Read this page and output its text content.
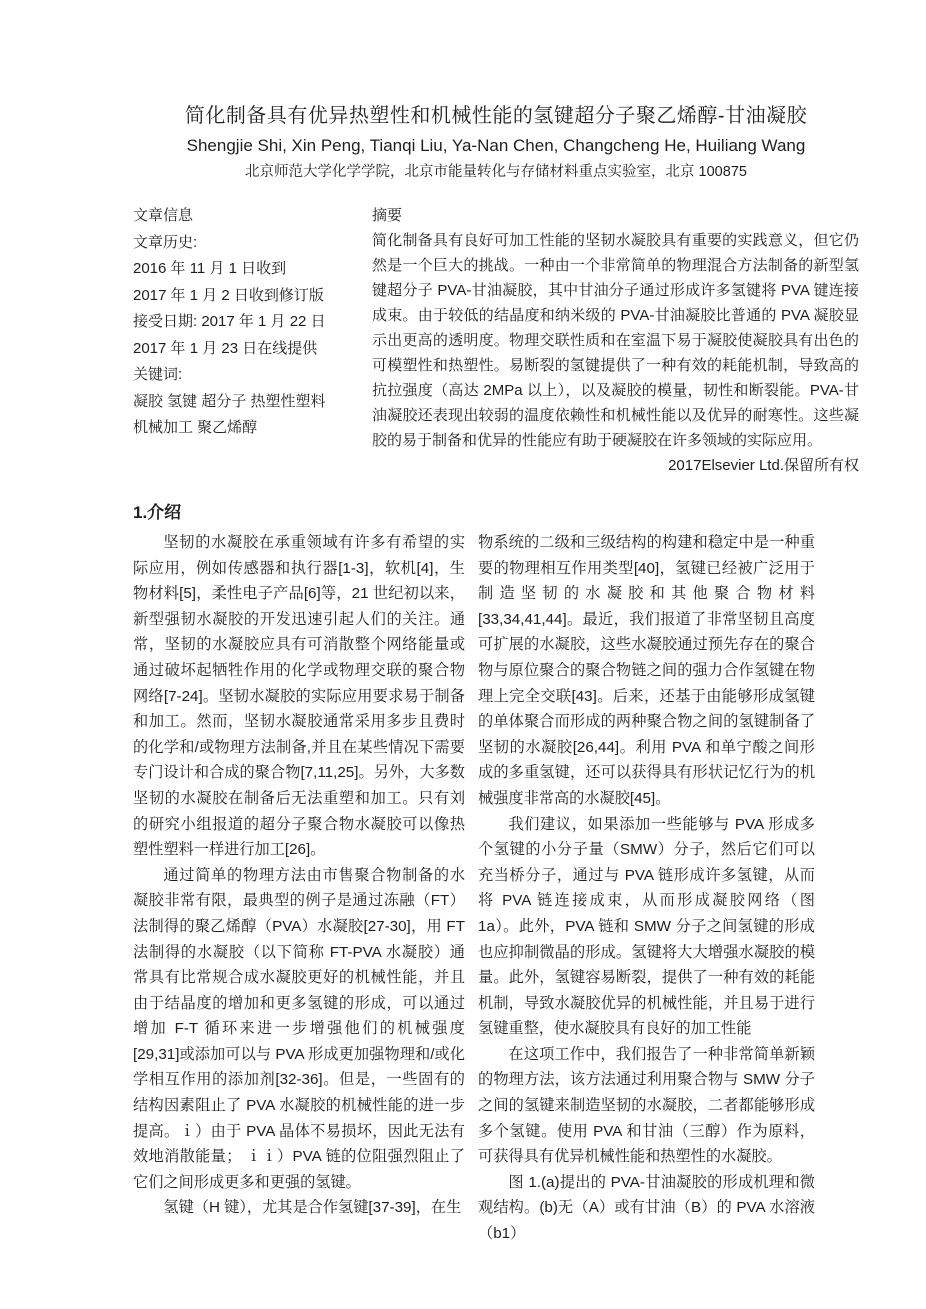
简化制备具有优异热塑性和机械性能的氢键超分子聚乙烯醇-甘油凝胶
Shengjie Shi, Xin Peng, Tianqi Liu, Ya-Nan Chen, Changcheng He, Huiliang Wang
北京师范大学化学学院，北京市能量转化与存储材料重点实验室，北京 100875
文章信息
文章历史:
2016 年 11 月 1 日收到
2017 年 1 月 2 日收到修订版
接受日期: 2017 年 1 月 22 日
2017 年 1 月 23 日在线提供
关键词:
凝胶 氢键 超分子 热塑性塑料
机械加工 聚乙烯醇
摘要

简化制备具有良好可加工性能的坚韧水凝胶具有重要的实践意义，但它仍然是一个巨大的挑战。一种由一个非常简单的物理混合方法制备的新型氢键超分子 PVA-甘油凝胶，其中甘油分子通过形成许多氢键将 PVA 键连接成束。由于较低的结晶度和纳米级的 PVA-甘油凝胶比普通的 PVA 凝胶显示出更高的透明度。物理交联性质和在室温下易于凝胶使凝胶具有出色的可模塑性和热塑性。易断裂的氢键提供了一种有效的耗能机制，导致高的抗拉强度（高达 2MPa 以上），以及凝胶的模量，韧性和断裂能。PVA-甘油凝胶还表现出较弱的温度依赖性和机械性能以及优异的耐寒性。这些凝胶的易于制备和优异的性能应有助于硬凝胶在许多领域的实际应用。

2017Elsevier Ltd.保留所有权
1.介绍

坚韧的水凝胶在承重领域有许多有希望的实际应用，例如传感器和执行器[1-3]，软机[4]，生物材料[5]，柔性电子产品[6]等，21 世纪初以来，新型强韧水凝胶的开发迅速引起人们的关注。通常，坚韧的水凝胶应具有可消散整个网络能量或通过破坏起牺牲作用的化学或物理交联的聚合物网络[7-24]。坚韧水凝胶的实际应用要求易于制备和加工。然而，坚韧水凝胶通常采用多步且费时的化学和/或物理方法制备,并且在某些情况下需要专门设计和合成的聚合物[7,11,25]。另外，大多数坚韧的水凝胶在制备后无法重塑和加工。只有刘的研究小组报道的超分子聚合物水凝胶可以像热塑性塑料一样进行加工[26]。

通过简单的物理方法由市售聚合物制备的水凝胶非常有限，最典型的例子是通过冻融（FT）法制得的聚乙烯醇（PVA）水凝胶[27-30]，用 FT 法制得的水凝胶（以下简称 FT-PVA 水凝胶）通常具有比常规合成水凝胶更好的机械性能，并且由于结晶度的增加和更多氢键的形成，可以通过增加 F-T 循环来进一步增强他们的机械强度[29,31]或添加可以与 PVA 形成更加强物理和/或化学相互作用的添加剂[32-36]。但是，一些固有的结构因素阻止了 PVA 水凝胶的机械性能的进一步提高。ｉ）由于 PVA 晶体不易损坏，因此无法有效地消散能量； ｉｉ）PVA 链的位阻强烈阻止了它们之间形成更多和更强的氢键。

氢键（H 键），尤其是合作氢键[37-39]，在生

物系统的二级和三级结构的构建和稳定中是一种重要的物理相互作用类型[40]，氢键已经被广泛用于制造坚韧的水凝胶和其他聚合物材料[33,34,41,44]。最近，我们报道了非常坚韧且高度可扩展的水凝胶，这些水凝胶通过预先存在的聚合物与原位聚合的聚合物链之间的强力合作氢键在物理上完全交联[43]。后来，还基于由能够形成氢键的单体聚合而形成的两种聚合物之间的氢键制备了坚韧的水凝胶[26,44]。利用 PVA 和单宁酸之间形成的多重氢键，还可以获得具有形状记忆行为的机械强度非常高的水凝胶[45]。

我们建议，如果添加一些能够与 PVA 形成多个氢键的小分子量（SMW）分子，然后它们可以充当桥分子，通过与 PVA 链形成许多氢键，从而将 PVA 链连接成束，从而形成凝胶网络（图 1a）。此外，PVA 链和 SMW 分子之间氢键的形成也应抑制微晶的形成。氢键将大大增强水凝胶的模量。此外，氢键容易断裂，提供了一种有效的耗能机制，导致水凝胶优异的机械性能，并且易于进行氢键重整，使水凝胶具有良好的加工性能

在这项工作中，我们报告了一种非常简单新颖的物理方法，该方法通过利用聚合物与 SMW 分子之间的氢键来制造坚韧的水凝胶，二者都能够形成多个氢键。使用 PVA 和甘油（三醇）作为原料，可获得具有优异机械性能和热塑性的水凝胶。

图 1.(a)提出的 PVA-甘油凝胶的形成机理和微观结构。(b)无（A）或有甘油（B）的 PVA 水溶液（b1）
